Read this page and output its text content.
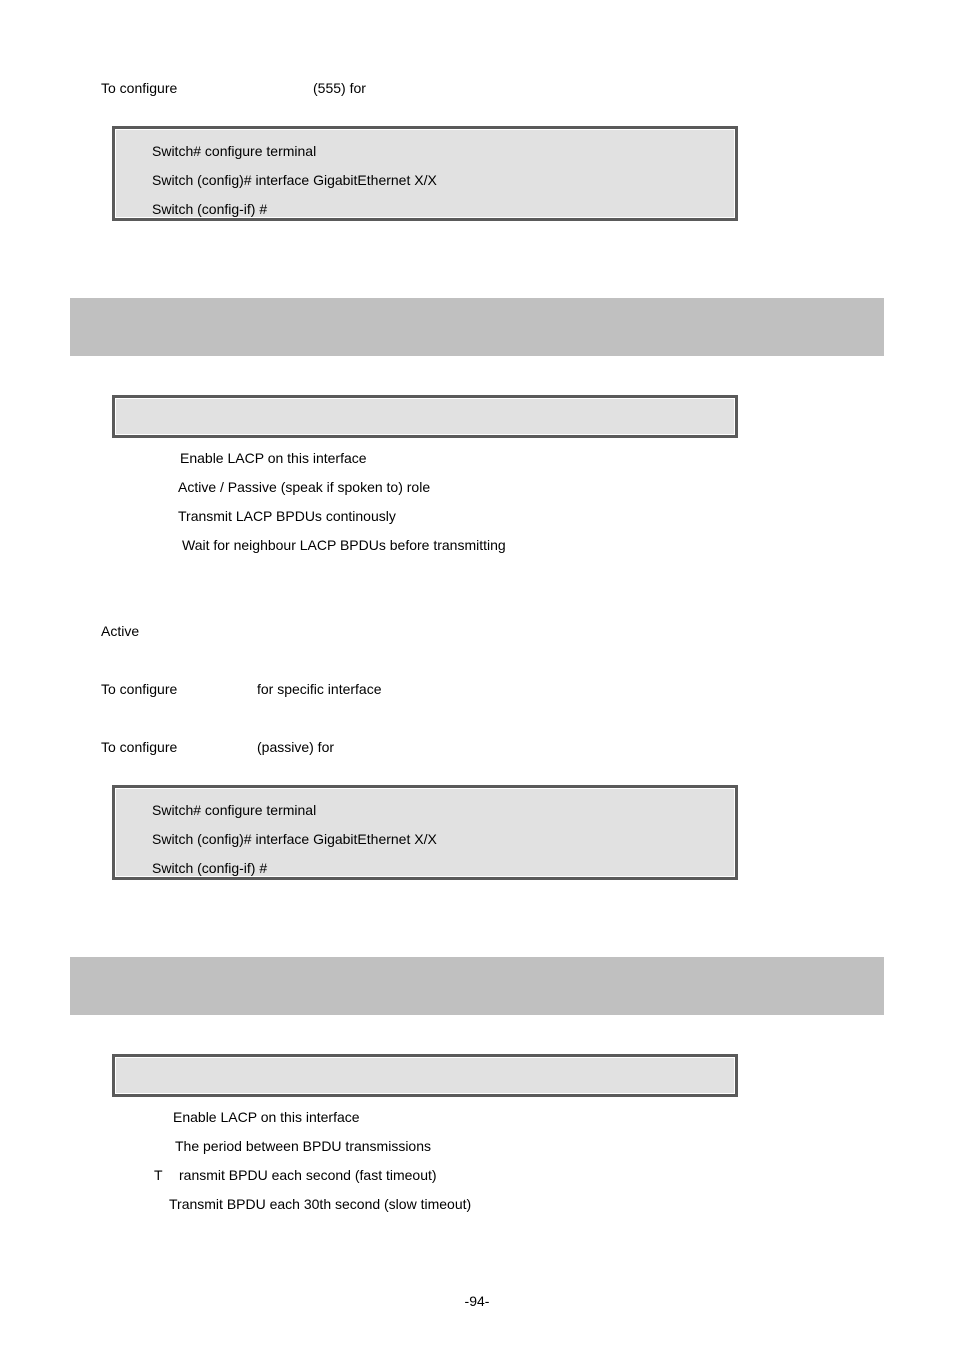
To configure	(555) for
Switch# configure terminal
Switch (config)# interface GigabitEthernet X/X
Switch (config-if) #
Enable LACP on this interface
Active / Passive (speak if spoken to) role
Transmit LACP BPDUs continously
Wait for neighbour LACP BPDUs before transmitting
Active
To configure	for specific interface
To configure	(passive) for
Switch# configure terminal
Switch (config)# interface GigabitEthernet X/X
Switch (config-if) #
Enable LACP on this interface
The period between BPDU transmissions
T ransmit BPDU each second (fast timeout)
Transmit BPDU each 30th second (slow timeout)
-94-
